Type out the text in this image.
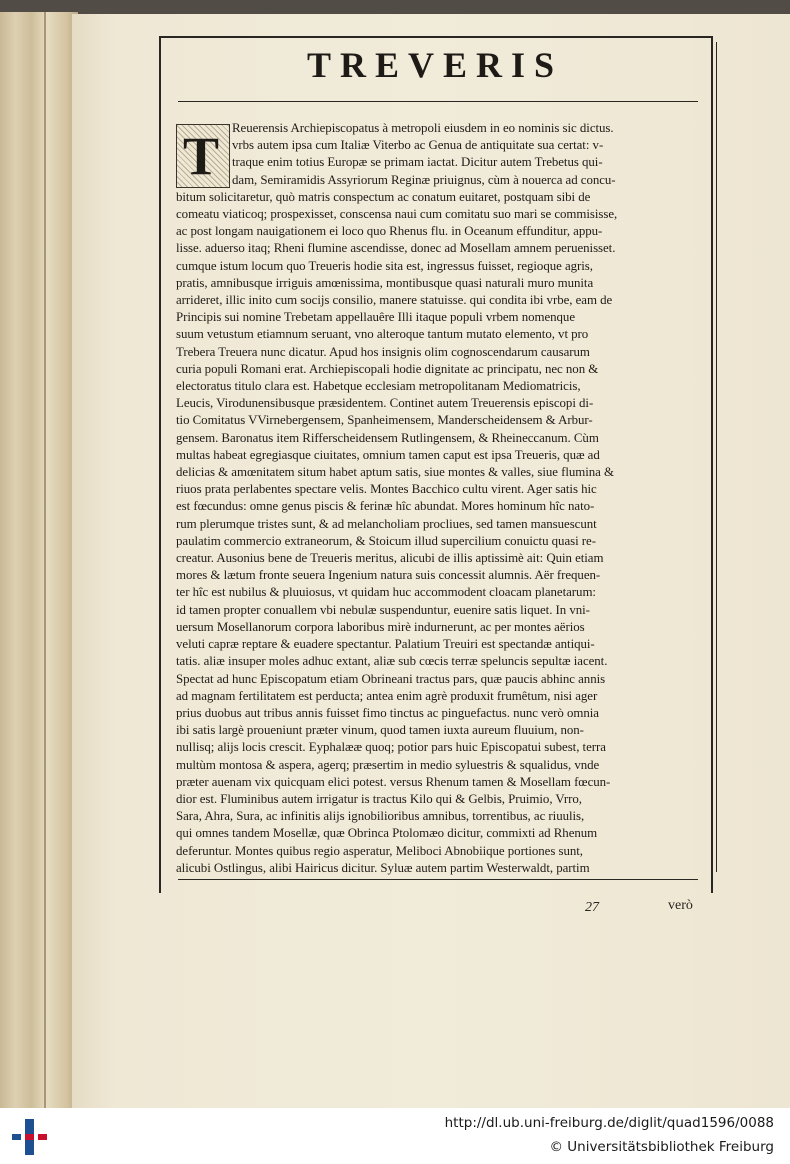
TREVERIS
T	Reuerensis Archiepiscopatus à metropoli eiusdem in eo nominis sic dictus.
vrbs autem ipsa cum Italiæ Viterbo ac Genua de antiquitate sua certat: v-
traque enim totius Europæ se primam iactat. Dicitur autem Trebetus qui-
dam, Semiramidis Assyriorum Reginæ priuignus, cùm à nouerca ad concu-
bitum solicitaretur, quò matris conspectum ac conatum euitaret, postquam sibi de
comeatu viaticoq; prospexisset, conscensa naui cum comitatu suo mari se commisisse,
ac post longam nauigationem ei loco quo Rhenus flu. in Oceanum effunditur, appu-
lisse. aduerso itaq; Rheni flumine ascendisse, donec ad Mosellam amnem peruenisset.
cumque istum locum quo Treueris hodie sita est, ingressus fuisset, regioque agris,
pratis, amnibusque irriguis amœnissima, montibusque quasi naturali muro munita
arrideret, illic inito cum socijs consilio, manere statuisse. qui condita ibi vrbe, eam de
Principis sui nomine Trebetam appellauêre Illi itaque populi vrbem nomenque
suum vetustum etiamnum seruant, vno alteroque tantum mutato elemento, vt pro
Trebera Treuera nunc dicatur. Apud hos insignis olim cognoscendarum causarum
curia populi Romani erat. Archiepiscopali hodie dignitate ac principatu, nec non &
electoratus titulo clara est. Habetque ecclesiam metropolitanam Mediomatricis,
Leucis, Virodunensibusque præsidentem. Continet autem Treuerensis episcopi di-
tio Comitatus VVirnebergensem, Spanheimensem, Manderscheidensem & Arbur-
gensem. Baronatus item Rifferscheidensem Rutlingensem, & Rheineccanum. Cùm
multas habeat egregiasque ciuitates, omnium tamen caput est ipsa Treueris, quæ ad
delicias & amœnitatem situm habet aptum satis, siue montes & valles, siue flumina &
riuos prata perlabentes spectare velis. Montes Bacchico cultu virent. Ager satis hic
est fœcundus: omne genus piscis & ferinæ hîc abundat. Mores hominum hîc nato-
rum plerumque tristes sunt, & ad melancholiam procliues, sed tamen mansuescunt
paulatim commercio extraneorum, & Stoicum illud supercilium conuictu quasi re-
creatur. Ausonius bene de Treueris meritus, alicubi de illis aptissimè ait: Quin etiam
mores & lætum fronte seuera Ingenium natura suis concessit alumnis. Aër frequen-
ter hîc est nubilus & pluuiosus, vt quidam huc accommodent cloacam planetarum:
id tamen propter conuallem vbi nebulæ suspenduntur, euenire satis liquet. In vni-
uersum Mosellanorum corpora laboribus mirè indurnerunt, ac per montes aërios
veluti capræ reptare & euadere spectantur. Palatium Treuiri est spectandæ antiqui-
tatis. aliæ insuper moles adhuc extant, aliæ sub cœcis terræ speluncis sepultæ iacent.
Spectat ad hunc Episcopatum etiam Obrineani tractus pars, quæ paucis abhinc annis
ad magnam fertilitatem est perducta; antea enim agrè produxit frumêtum, nisi ager
prius duobus aut tribus annis fuisset fimo tinctus ac pinguefactus. nunc verò omnia
ibi satis largè proueniunt præter vinum, quod tamen iuxta aureum fluuium, non-
nullisq; alijs locis crescit. Eyphalææ quoq; potior pars huic Episcopatui subest, terra
multùm montosa & aspera, agerq; præsertim in medio syluestris & squalidus, vnde
præter auenam vix quicquam elici potest. versus Rhenum tamen & Mosellam fœcun-
dior est. Fluminibus autem irrigatur is tractus Kilo qui & Gelbis, Pruimio, Vrro,
Sara, Ahra, Sura, ac infinitis alijs ignobilioribus amnibus, torrentibus, ac riuulis,
qui omnes tandem Mosellæ, quæ Obrinca Ptolomæo dicitur, commixti ad Rhenum
deferuntur. Montes quibus regio asperatur, Meliboci Abnobiique portiones sunt,
alicubi Ostlingus, alibi Hairicus dicitur. Syluæ autem partim Westerwaldt, partim
27	verò
http://dl.ub.uni-freiburg.de/diglit/quad1596/0088
© Universitätsbibliothek Freiburg
